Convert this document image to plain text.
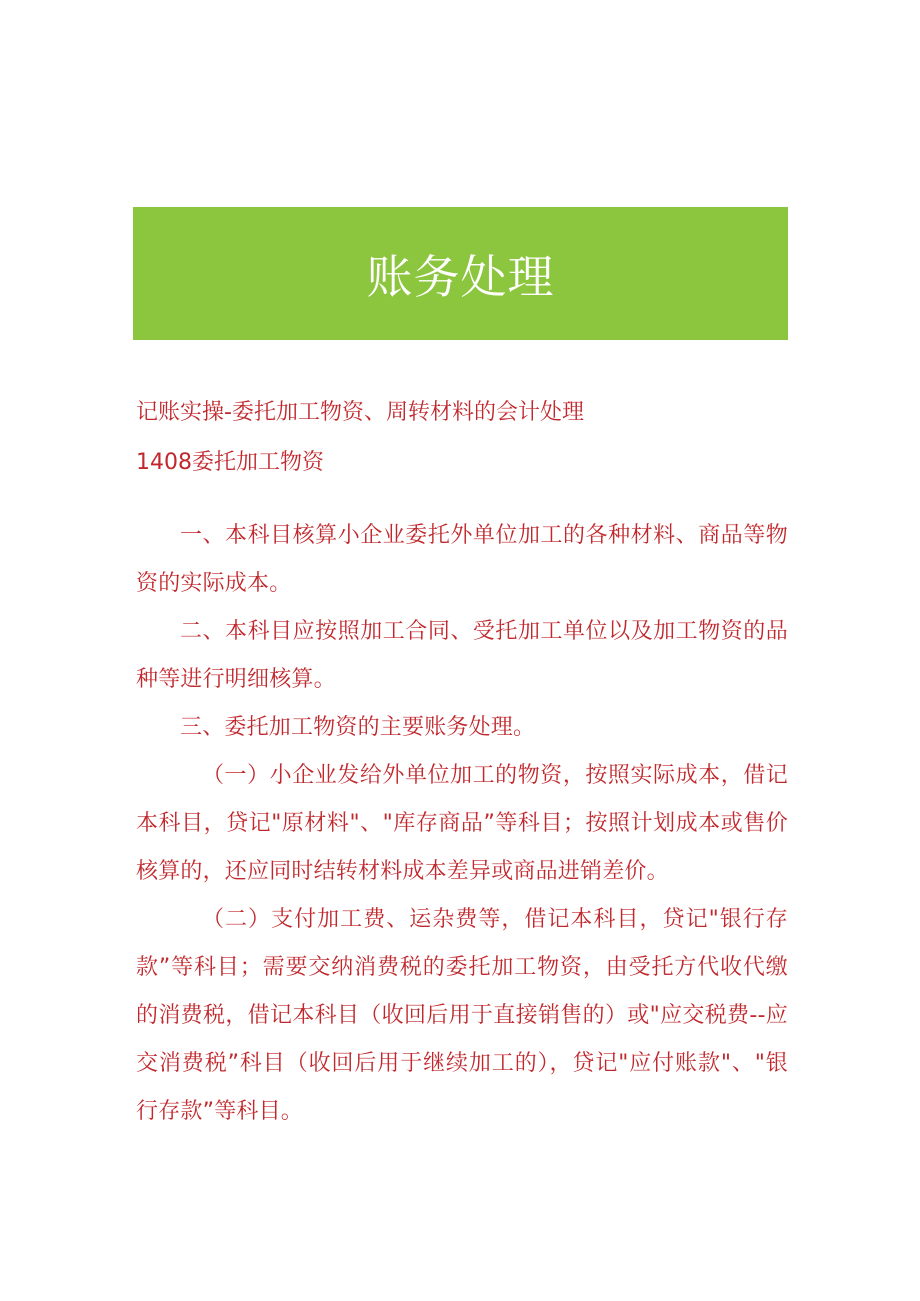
账务处理

记账实操-委托加工物资、周转材料的会计处理

1408委托加工物资

一、本科目核算小企业委托外单位加工的各种材料、商品等物资的实际成本。

二、本科目应按照加工合同、受托加工单位以及加工物资的品种等进行明细核算。

三、委托加工物资的主要账务处理。

（一）小企业发给外单位加工的物资，按照实际成本，借记本科目，贷记"原材料"、"库存商品”等科目；按照计划成本或售价核算的，还应同时结转材料成本差异或商品进销差价。

（二）支付加工费、运杂费等，借记本科目，贷记"银行存款”等科目；需要交纳消费税的委托加工物资，由受托方代收代缴的消费税，借记本科目（收回后用于直接销售的）或"应交税费--应交消费税”科目（收回后用于继续加工的），贷记"应付账款"、"银行存款”等科目。
